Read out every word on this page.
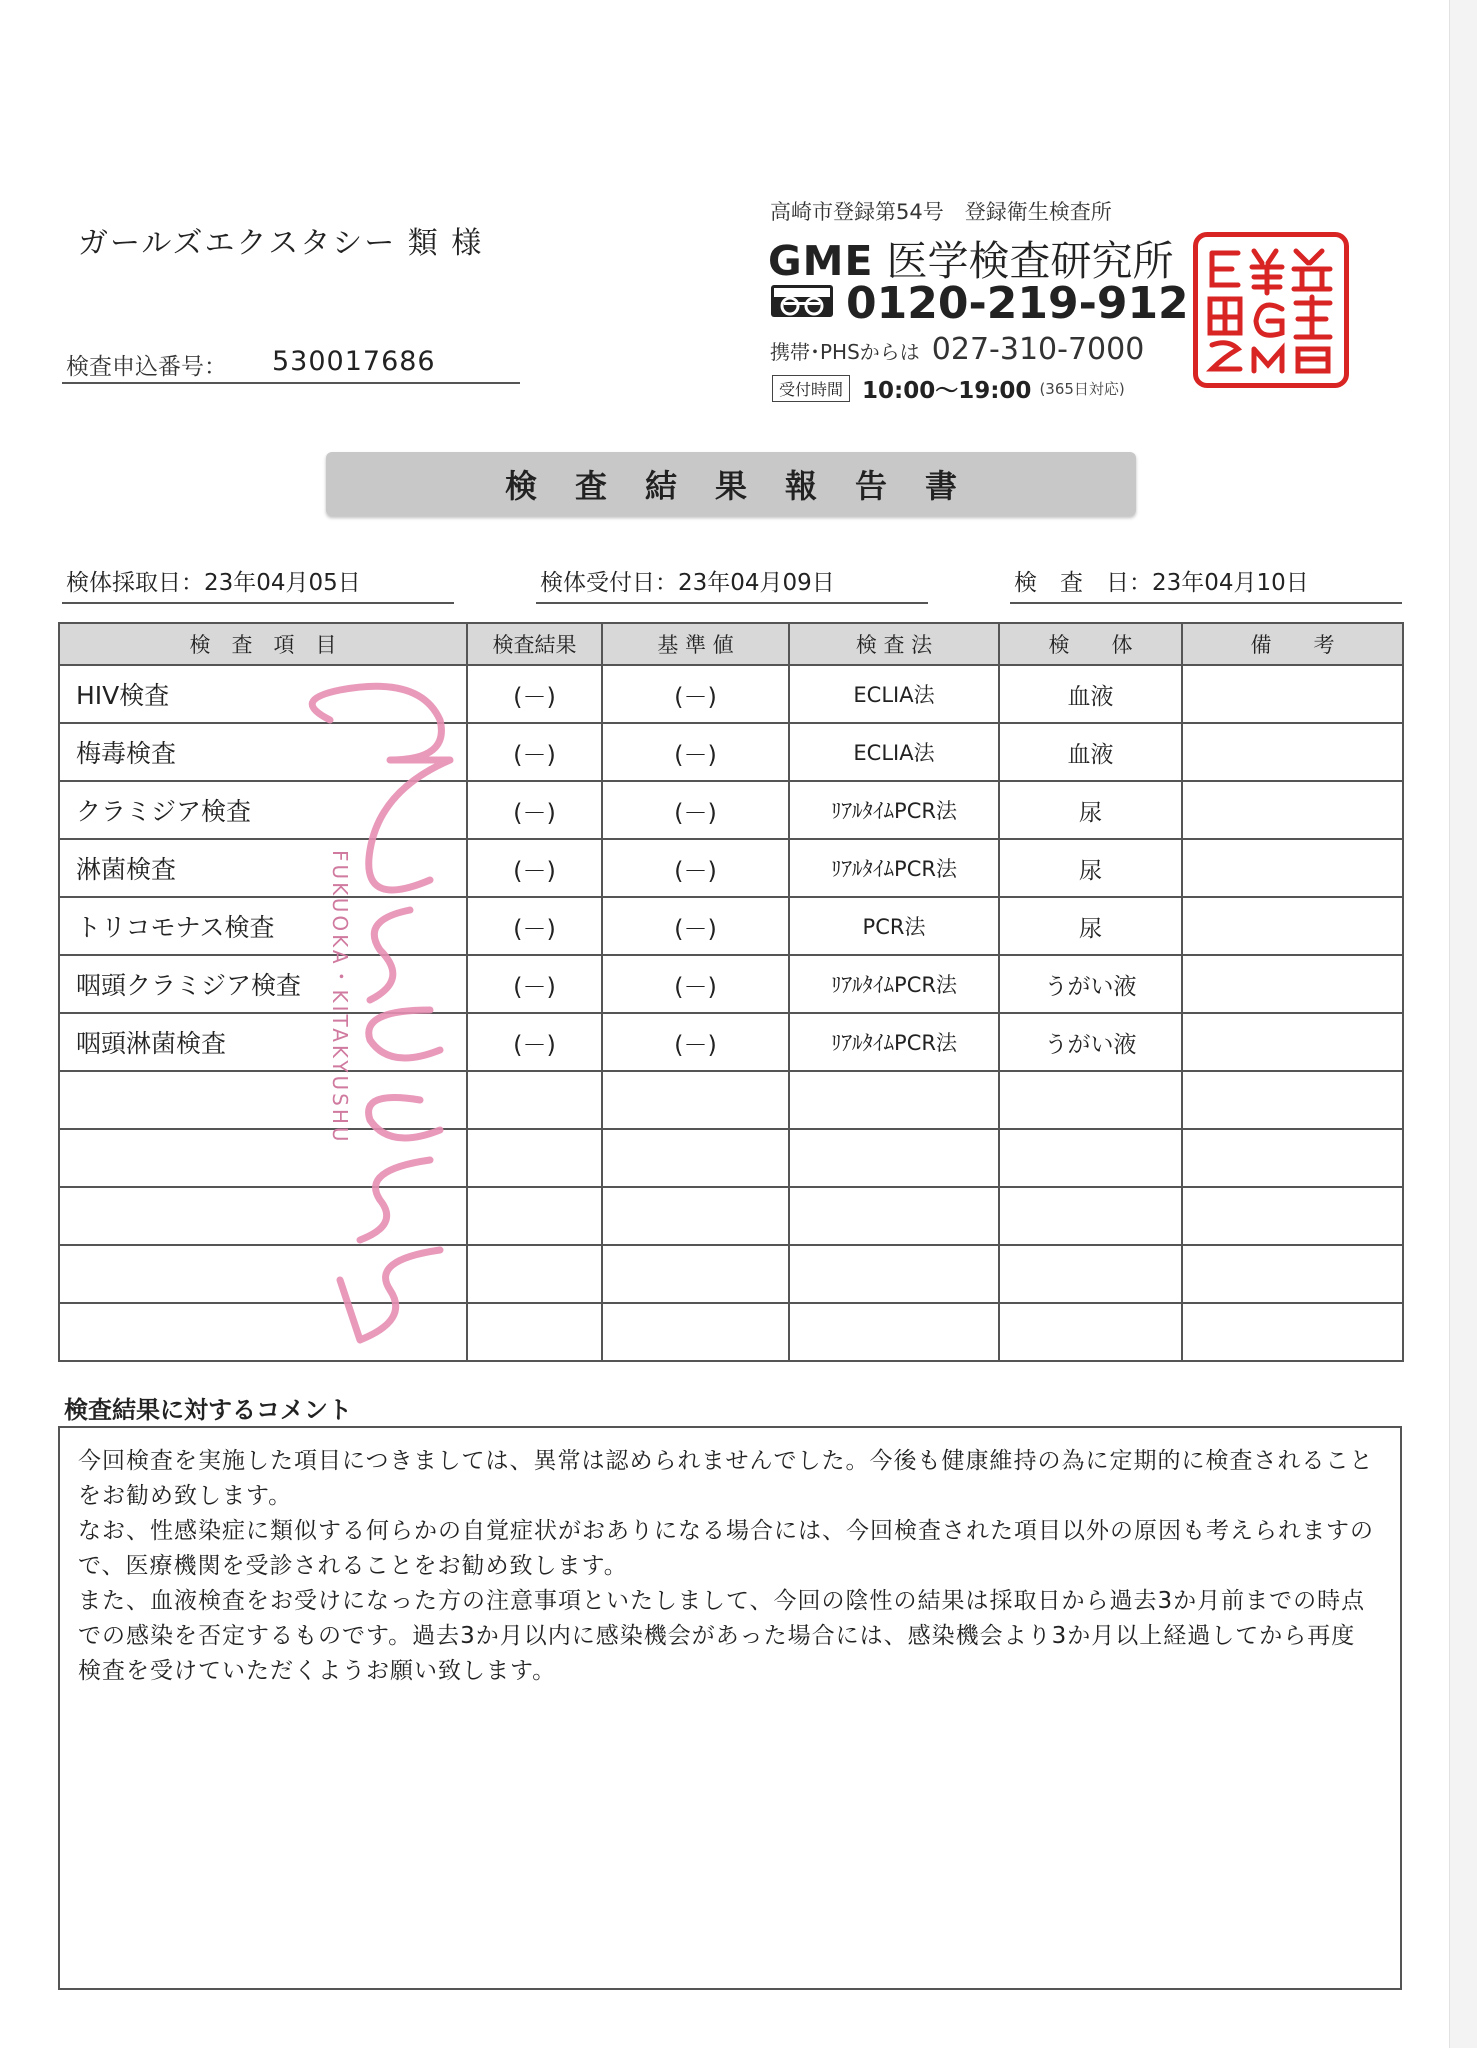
ガールズエクスタシー 類 様
検査申込番号： 530017686
高崎市登録第54号　登録衛生検査所
GME 医学検査研究所
0120-219-912
携帯･PHSからは 027-310-7000
受付時間 10:00〜19:00 (365日対応)
検査結果報告書
検体採取日：23年04月05日	検体受付日：23年04月09日	検　査　日：23年04月10日
検　査　項　目	検査結果	基 準 値	検 査 法	検　　体	備　　考
HIV検査	(－)	(－)	ECLIA法	血液	
梅毒検査	(－)	(－)	ECLIA法	血液	
クラミジア検査	(－)	(－)	ﾘｱﾙﾀｲﾑPCR法	尿	
淋菌検査	(－)	(－)	ﾘｱﾙﾀｲﾑPCR法	尿	
トリコモナス検査	(－)	(－)	PCR法	尿	
咽頭クラミジア検査	(－)	(－)	ﾘｱﾙﾀｲﾑPCR法	うがい液	
咽頭淋菌検査	(－)	(－)	ﾘｱﾙﾀｲﾑPCR法	うがい液	

FUKUOKA・KITAKYUSHU
検査結果に対するコメント

今回検査を実施した項目につきましては、異常は認められませんでした。今後も健康維持の為に定期的に検査されることをお勧め致します。
なお、性感染症に類似する何らかの自覚症状がおありになる場合には、今回検査された項目以外の原因も考えられますので、医療機関を受診されることをお勧め致します。
また、血液検査をお受けになった方の注意事項といたしまして、今回の陰性の結果は採取日から過去3か月前までの時点での感染を否定するものです。過去3か月以内に感染機会があった場合には、感染機会より3か月以上経過してから再度検査を受けていただくようお願い致します。
